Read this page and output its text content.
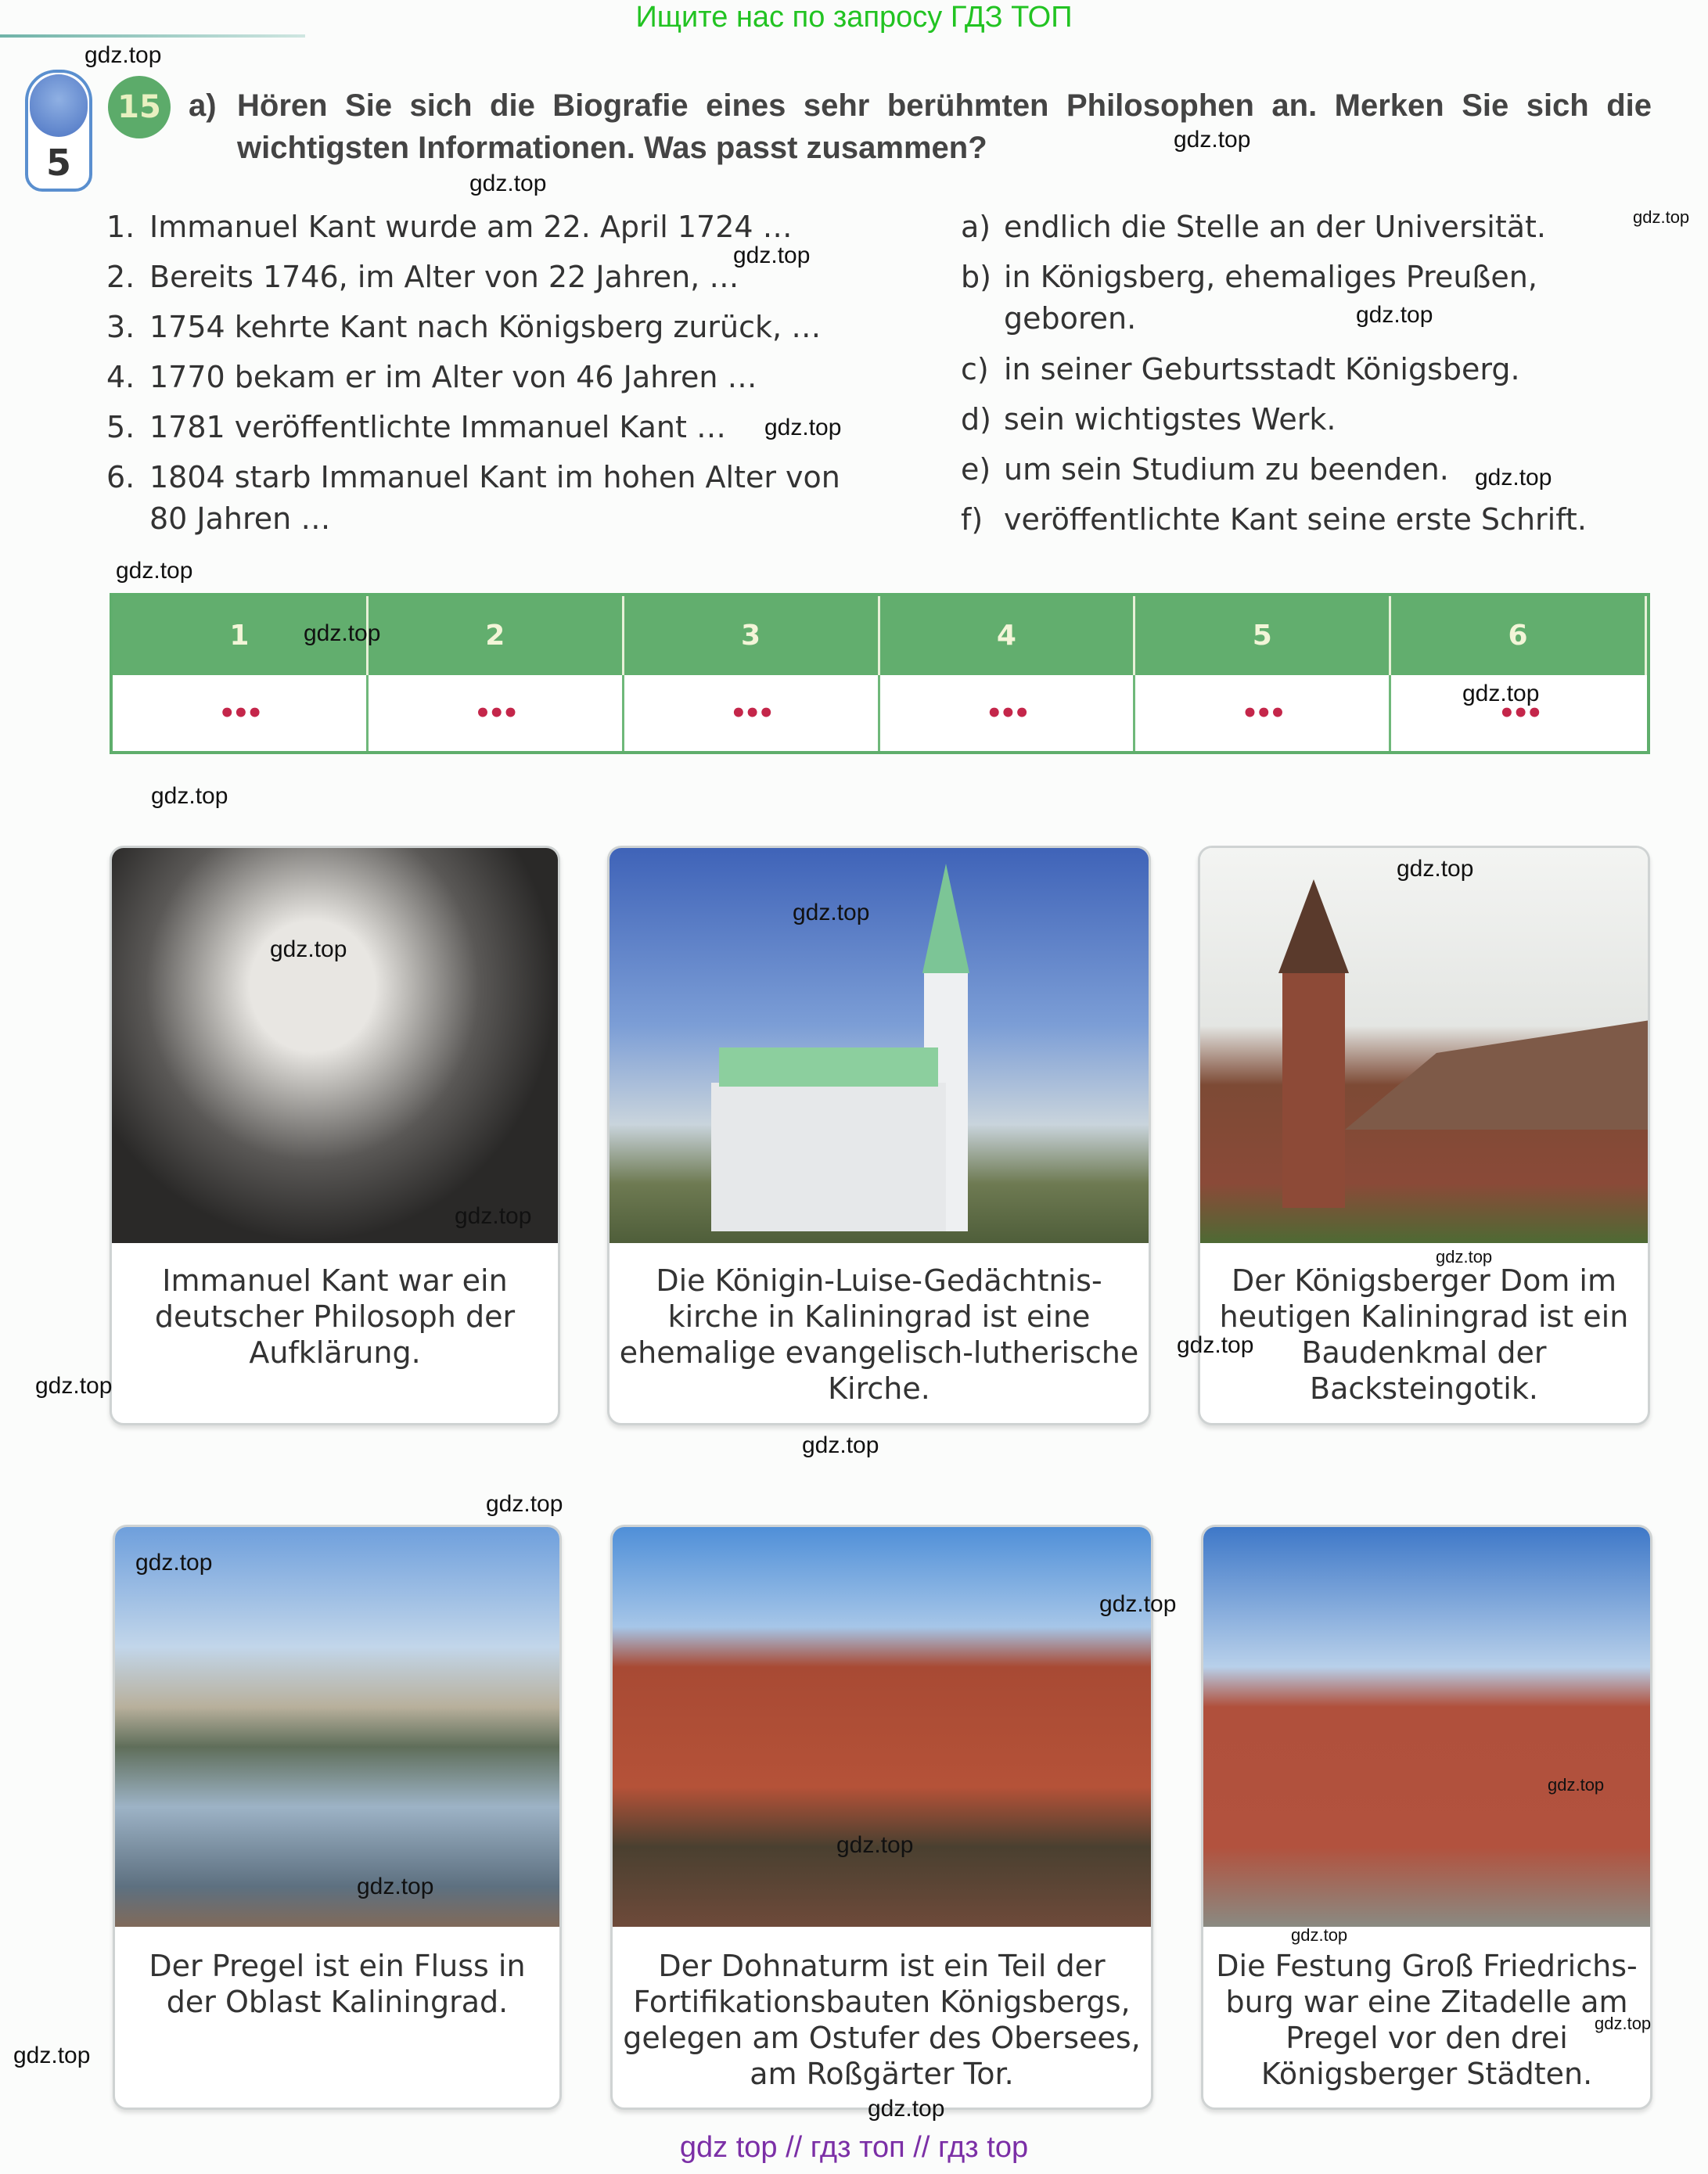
Ищите нас по запросу ГДЗ ТОП
5
15 a) Hören Sie sich die Biografie eines sehr berühmten Philosophen an. Merken Sie sich die wichtigsten Informationen. Was passt zusammen?
1. Immanuel Kant wurde am 22. April 1724 …
2. Bereits 1746, im Alter von 22 Jahren, …
3. 1754 kehrte Kant nach Königsberg zurück, …
4. 1770 bekam er im Alter von 46 Jahren …
5. 1781 veröffentlichte Immanuel Kant …
6. 1804 starb Immanuel Kant im hohen Alter von 80 Jahren …
a) endlich die Stelle an der Universität.
b) in Königsberg, ehemaliges Preußen, geboren.
c) in seiner Geburtsstadt Königsberg.
d) sein wichtigstes Werk.
e) um sein Studium zu beenden.
f) veröffentlichte Kant seine erste Schrift.
1	2	3	4	5	6
•••	•••	•••	•••	•••	•••
Immanuel Kant war ein deutscher Philosoph der Aufklärung.
Die Königin-Luise-Gedächtnis-kirche in Kaliningrad ist eine ehemalige evangelisch-lutherische Kirche.
Der Königsberger Dom im heutigen Kaliningrad ist ein Baudenkmal der Backsteingotik.
Der Pregel ist ein Fluss in der Oblast Kaliningrad.
Der Dohnaturm ist ein Teil der Fortifikationsbauten Königsbergs, gelegen am Ostufer des Obersees, am Roßgärter Tor.
Die Festung Groß Friedrichs-burg war eine Zitadelle am Pregel vor den drei Königsberger Städten.
gdz.top
gdz.top
gdz.top
gdz.top
gdz.top
gdz.top
gdz.top
gdz.top
gdz.top
gdz.top
gdz.top
gdz.top
gdz.top
gdz.top
gdz.top
gdz.top
gdz.top
gdz.top
gdz.top
gdz.top
gdz.top
gdz.top
gdz.top
gdz.top
gdz.top
gdz.top
gdz.top
gdz.top
gdz.top
gdz.top
gdz top // гдз топ // гдз top
